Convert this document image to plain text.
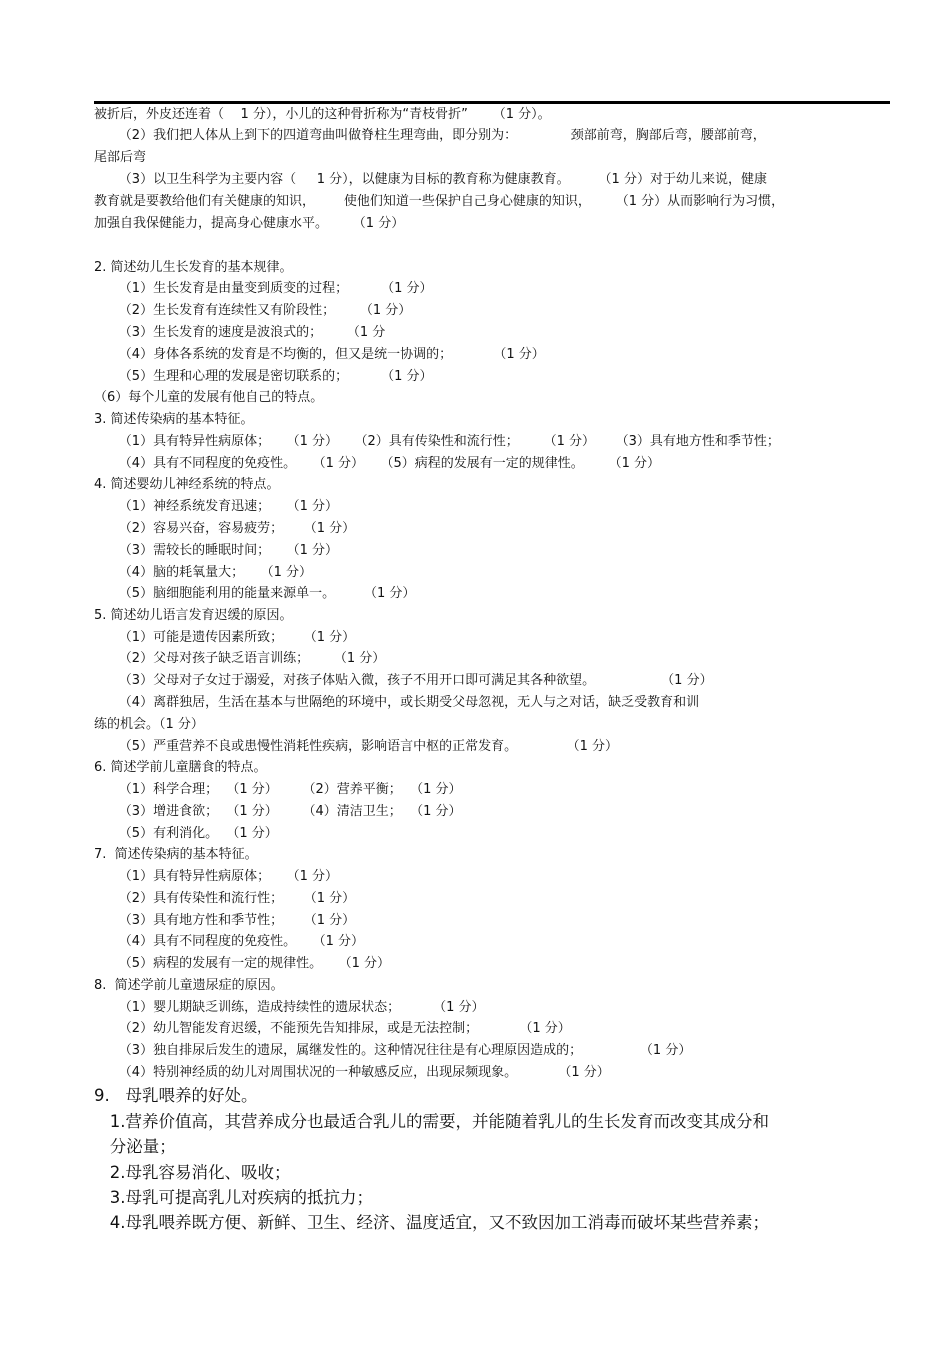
被折后，外皮还连着（    1 分），小儿的这种骨折称为“青枝骨折”      （1 分）。
（2）我们把人体从上到下的四道弯曲叫做脊柱生理弯曲，即分别为：             颈部前弯，胸部后弯，腰部前弯，
尾部后弯
（3）以卫生科学为主要内容（     1 分），以健康为目标的教育称为健康教育。       （1 分）对于幼儿来说，健康
教育就是要教给他们有关健康的知识，       使他们知道一些保护自己身心健康的知识，      （1 分）从而影响行为习惯，
加强自我保健能力，提高身心健康水平。      （1 分）
2. 简述幼儿生长发育的基本规律。
（1）生长发育是由量变到质变的过程；        （1 分）
（2）生长发育有连续性又有阶段性；      （1 分）
（3）生长发育的速度是波浪式的；      （1 分
（4）身体各系统的发育是不均衡的，但又是统一协调的；          （1 分）
（5）生理和心理的发展是密切联系的；        （1 分）
（6）每个儿童的发展有他自己的特点。
3. 简述传染病的基本特征。
（1）具有特异性病原体；    （1 分）    （2）具有传染性和流行性；      （1 分）     （3）具有地方性和季节性；
（4）具有不同程度的免疫性。    （1 分）    （5）病程的发展有一定的规律性。      （1 分）
4. 简述婴幼儿神经系统的特点。
（1）神经系统发育迅速；    （1 分）
（2）容易兴奋，容易疲劳；     （1 分）
（3）需较长的睡眠时间；    （1 分）
（4）脑的耗氧量大；    （1 分）
（5）脑细胞能利用的能量来源单一。       （1 分）
5. 简述幼儿语言发育迟缓的原因。
（1）可能是遗传因素所致；     （1 分）
（2）父母对孩子缺乏语言训练；      （1 分）
（3）父母对子女过于溺爱，对孩子体贴入微，孩子不用开口即可满足其各种欲望。                （1 分）
（4）离群独居，生活在基本与世隔绝的环境中，或长期受父母忽视，无人与之对话，缺乏受教育和训
练的机会。（1 分）
（5）严重营养不良或患慢性消耗性疾病，影响语言中枢的正常发育。            （1 分）
6. 简述学前儿童膳食的特点。
（1）科学合理；  （1 分）      （2）营养平衡；  （1 分）
（3）增进食欲；  （1 分）      （4）清洁卫生；  （1 分）
（5）有利消化。  （1 分）
7.  简述传染病的基本特征。
（1）具有特异性病原体；    （1 分）
（2）具有传染性和流行性；     （1 分）
（3）具有地方性和季节性；     （1 分）
（4）具有不同程度的免疫性。    （1 分）
（5）病程的发展有一定的规律性。    （1 分）
8.  简述学前儿童遗尿症的原因。
（1）婴儿期缺乏训练，造成持续性的遗尿状态；        （1 分）
（2）幼儿智能发育迟缓，不能预先告知排尿，或是无法控制；          （1 分）
（3）独自排尿后发生的遗尿，属继发性的。这种情况往往是有心理原因造成的；              （1 分）
（4）特别神经质的幼儿对周围状况的一种敏感反应，出现尿频现象。          （1 分）
9.   母乳喂养的好处。
1.营养价值高，其营养成分也最适合乳儿的需要，并能随着乳儿的生长发育而改变其成分和
分泌量；
2.母乳容易消化、吸收；
3.母乳可提高乳儿对疾病的抵抗力；
4.母乳喂养既方便、新鲜、卫生、经济、温度适宜，又不致因加工消毒而破坏某些营养素；
